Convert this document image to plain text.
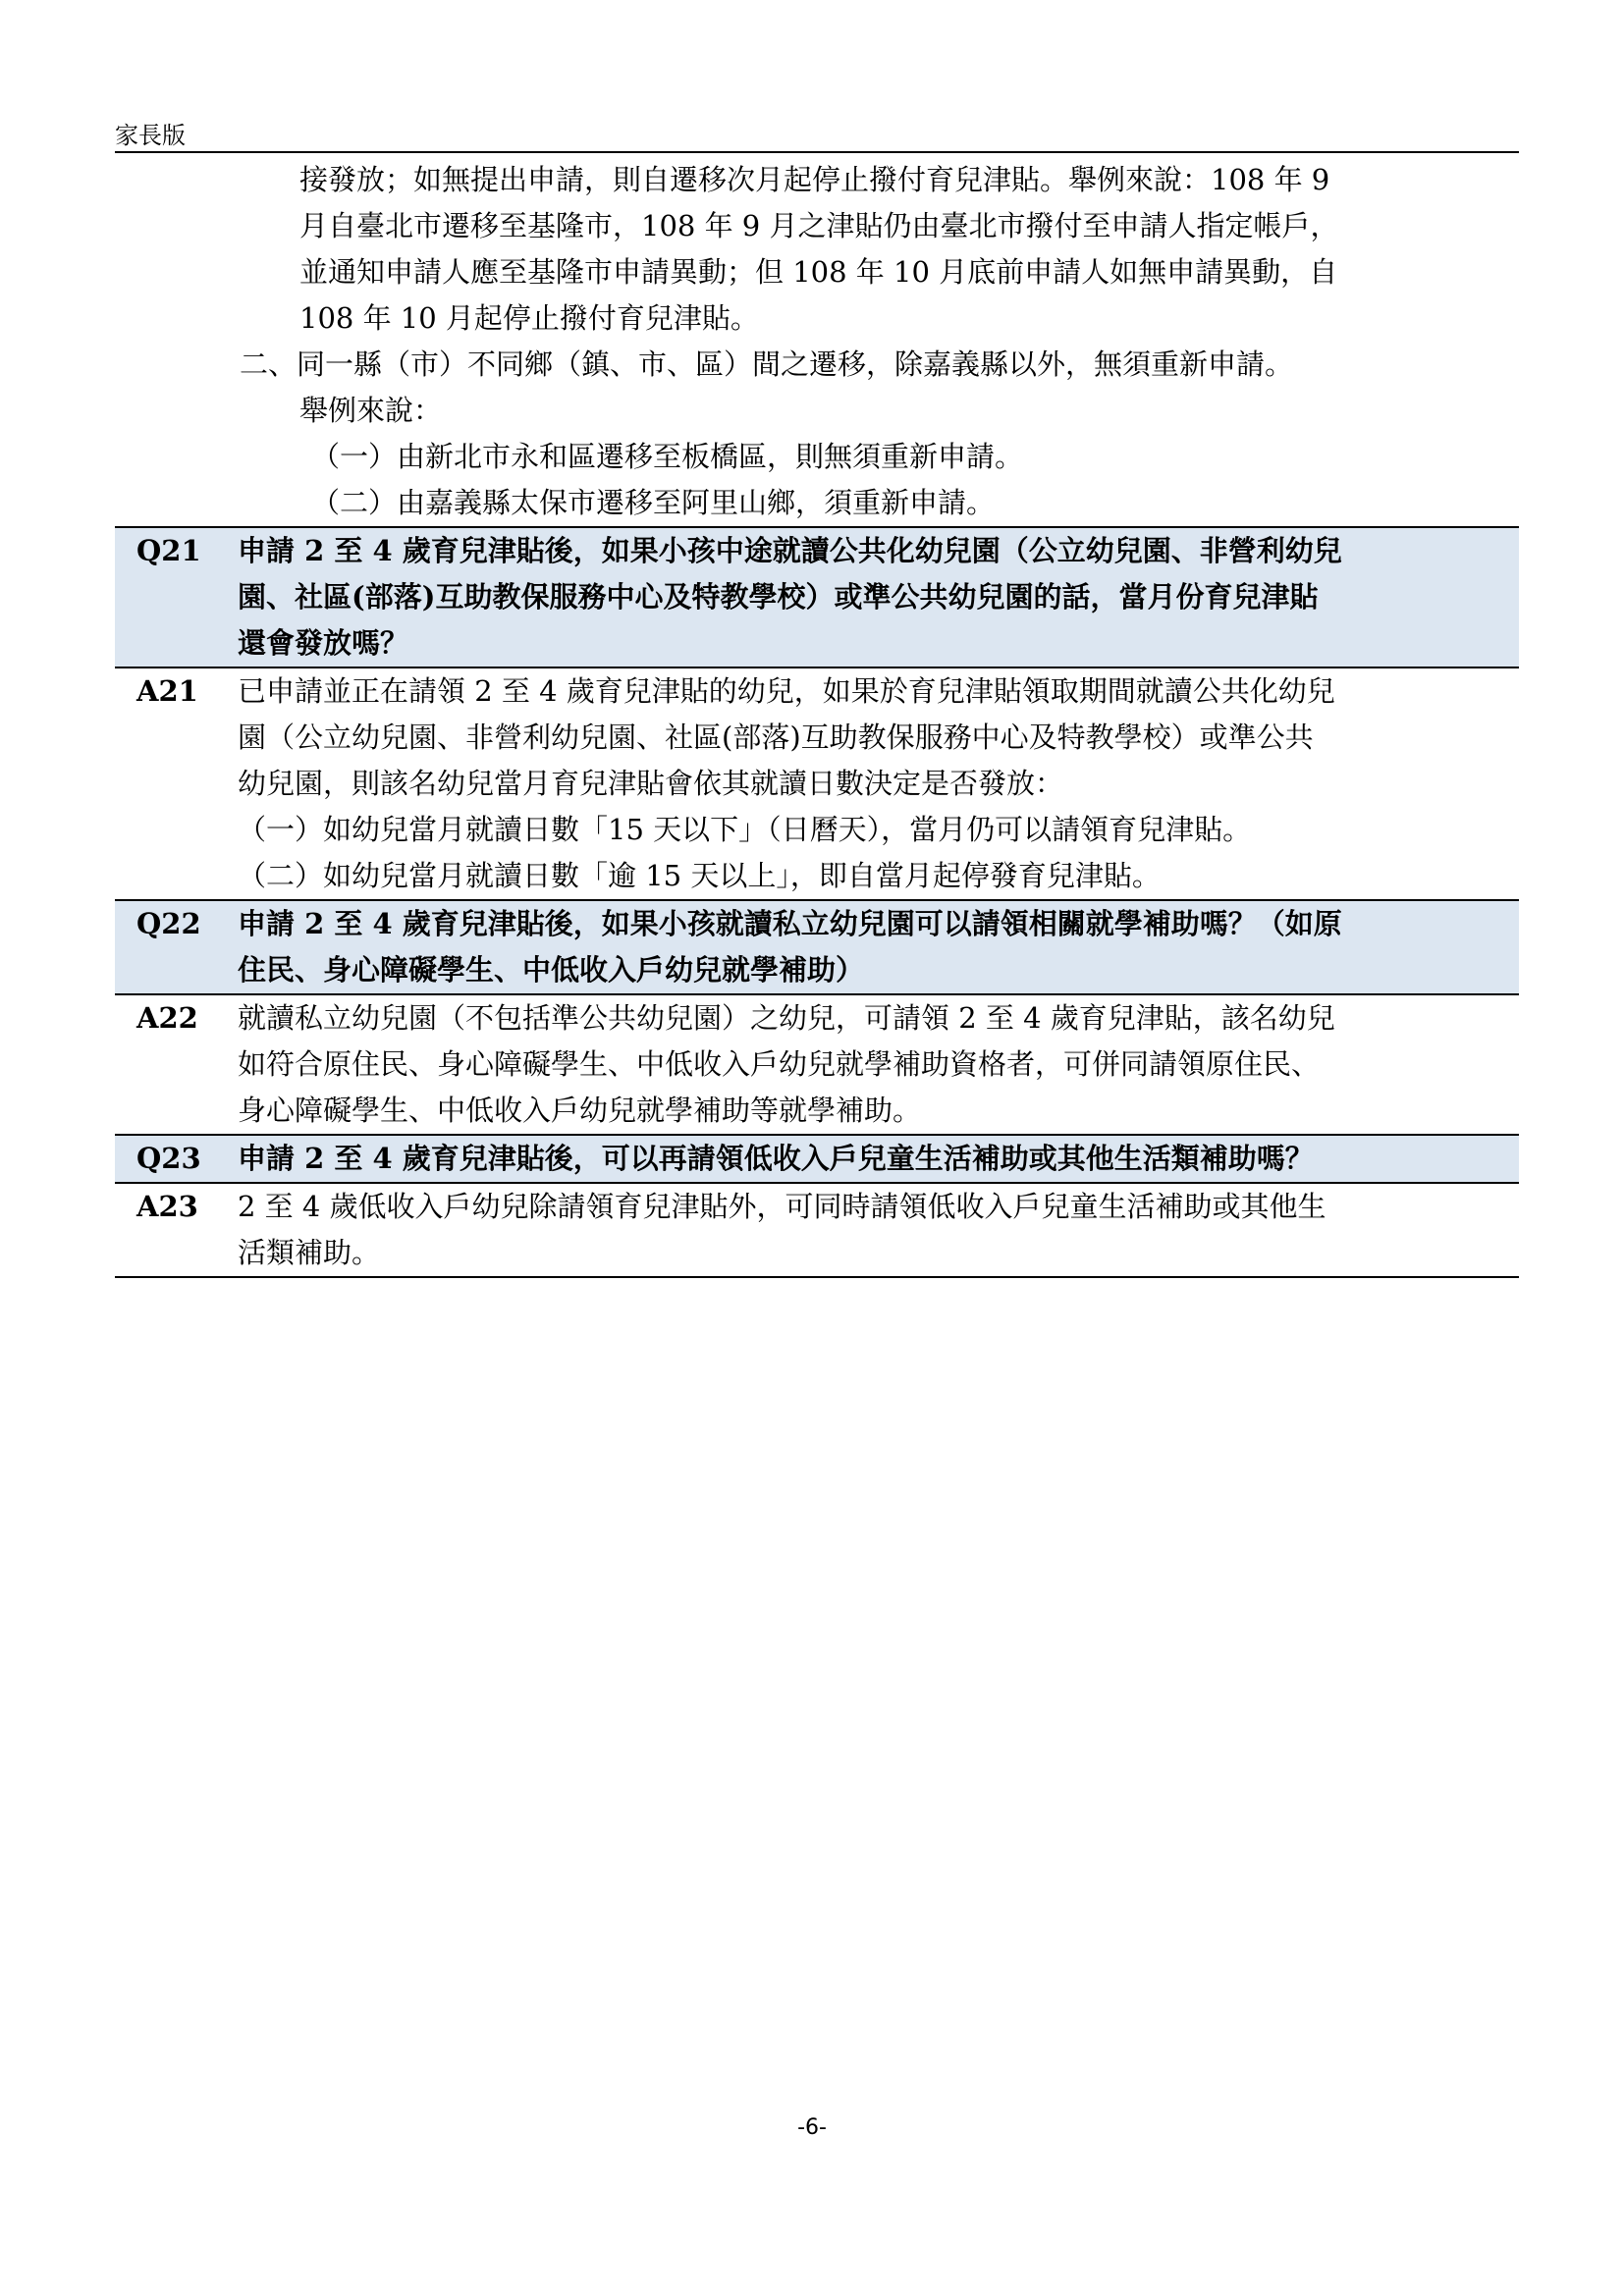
家長版
接發放；如無提出申請，則自遷移次月起停止撥付育兒津貼。舉例來說：108 年 9
月自臺北市遷移至基隆市，108 年 9 月之津貼仍由臺北市撥付至申請人指定帳戶，
並通知申請人應至基隆市申請異動；但 108 年 10 月底前申請人如無申請異動，自
108 年 10 月起停止撥付育兒津貼。
二、同一縣（市）不同鄉（鎮、市、區）間之遷移，除嘉義縣以外，無須重新申請。
舉例來說：
（一）由新北市永和區遷移至板橋區，則無須重新申請。
（二）由嘉義縣太保市遷移至阿里山鄉，須重新申請。
Q21	申請 2 至 4 歲育兒津貼後，如果小孩中途就讀公共化幼兒園（公立幼兒園、非營利幼兒
園、社區(部落)互助教保服務中心及特教學校）或準公共幼兒園的話，當月份育兒津貼
還會發放嗎？
A21	已申請並正在請領 2 至 4 歲育兒津貼的幼兒，如果於育兒津貼領取期間就讀公共化幼兒
園（公立幼兒園、非營利幼兒園、社區(部落)互助教保服務中心及特教學校）或準公共
幼兒園，則該名幼兒當月育兒津貼會依其就讀日數決定是否發放：
（一）如幼兒當月就讀日數「15 天以下」（日曆天），當月仍可以請領育兒津貼。
（二）如幼兒當月就讀日數「逾 15 天以上」，即自當月起停發育兒津貼。
Q22	申請 2 至 4 歲育兒津貼後，如果小孩就讀私立幼兒園可以請領相關就學補助嗎？（如原
住民、身心障礙學生、中低收入戶幼兒就學補助）
A22	就讀私立幼兒園（不包括準公共幼兒園）之幼兒，可請領 2 至 4 歲育兒津貼，該名幼兒
如符合原住民、身心障礙學生、中低收入戶幼兒就學補助資格者，可併同請領原住民、
身心障礙學生、中低收入戶幼兒就學補助等就學補助。
Q23	申請 2 至 4 歲育兒津貼後，可以再請領低收入戶兒童生活補助或其他生活類補助嗎？
A23	2 至 4 歲低收入戶幼兒除請領育兒津貼外，可同時請領低收入戶兒童生活補助或其他生
活類補助。
-6-
